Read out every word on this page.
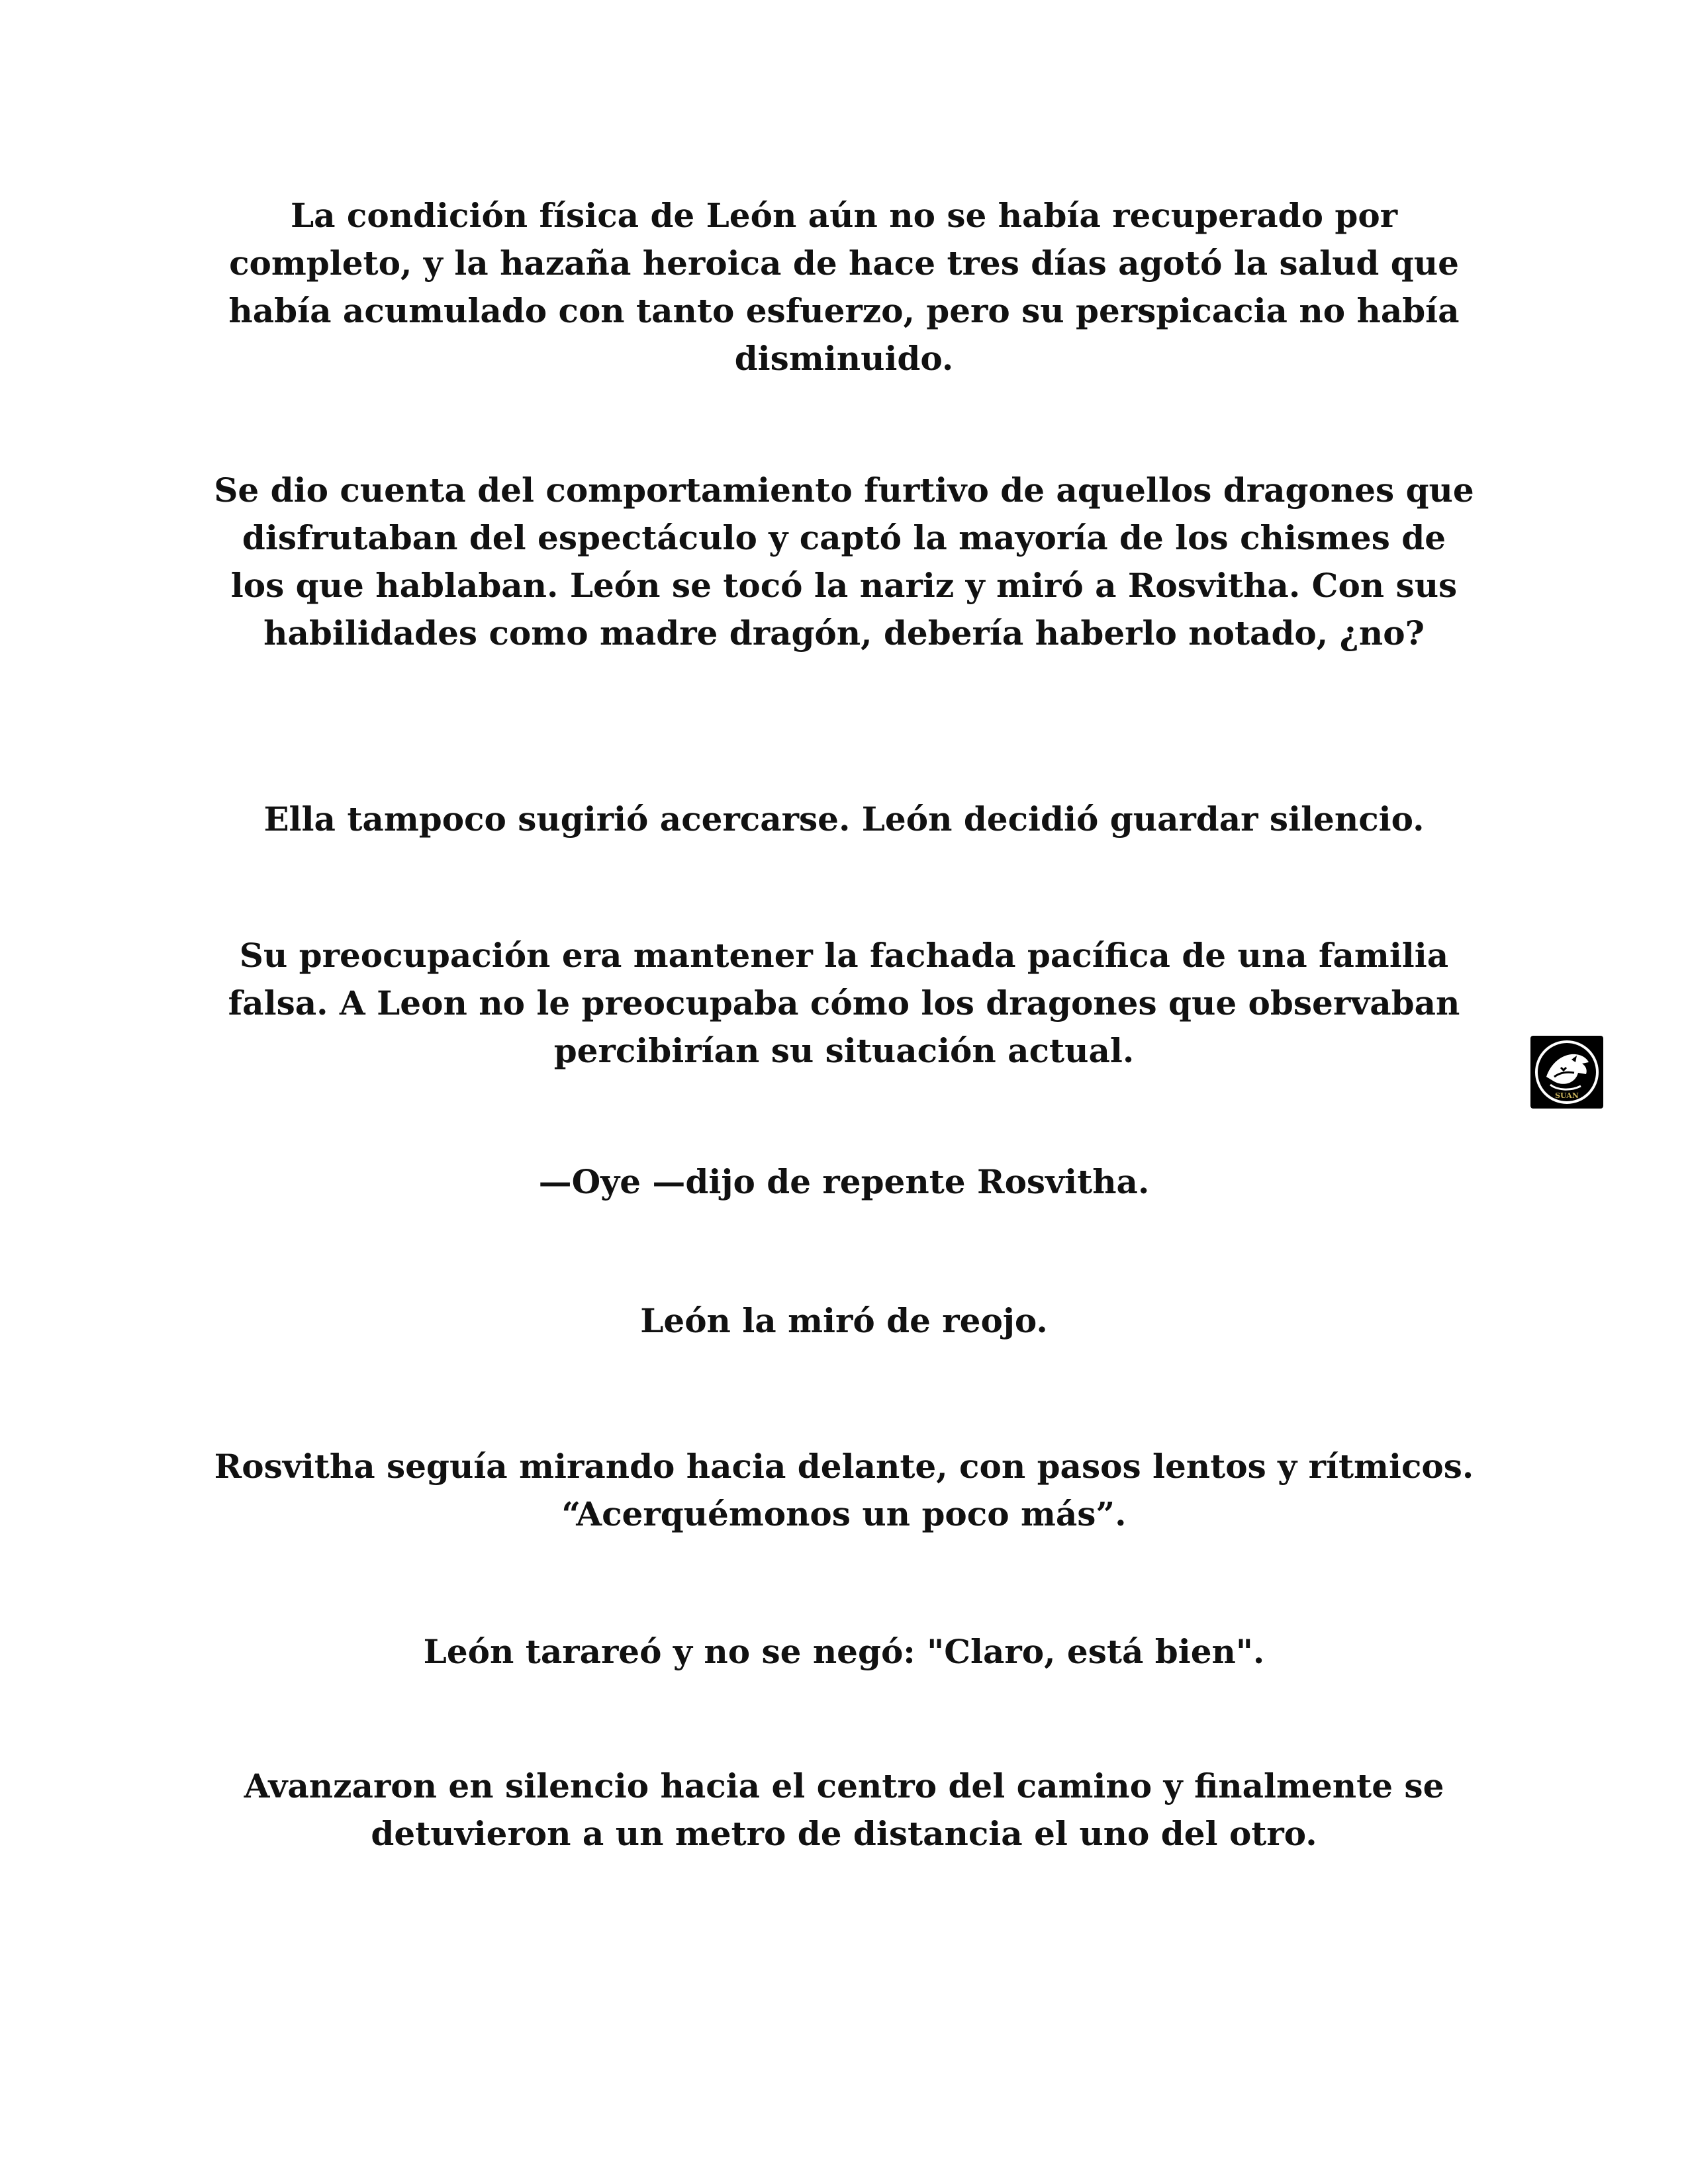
La condición física de León aún no se había recuperado por completo, y la hazaña heroica de hace tres días agotó la salud que había acumulado con tanto esfuerzo, pero su perspicacia no había disminuido.

Se dio cuenta del comportamiento furtivo de aquellos dragones que disfrutaban del espectáculo y captó la mayoría de los chismes de los que hablaban. León se tocó la nariz y miró a Rosvitha. Con sus habilidades como madre dragón, debería haberlo notado, ¿no?

Ella tampoco sugirió acercarse. León decidió guardar silencio.

Su preocupación era mantener la fachada pacífica de una familia falsa. A Leon no le preocupaba cómo los dragones que observaban percibirían su situación actual.

—Oye —dijo de repente Rosvitha.

León la miró de reojo.

Rosvitha seguía mirando hacia delante, con pasos lentos y rítmicos. “Acerquémonos un poco más”.

León tarareó y no se negó: "Claro, está bien".

Avanzaron en silencio hacia el centro del camino y finalmente se detuvieron a un metro de distancia el uno del otro.

SUAN
